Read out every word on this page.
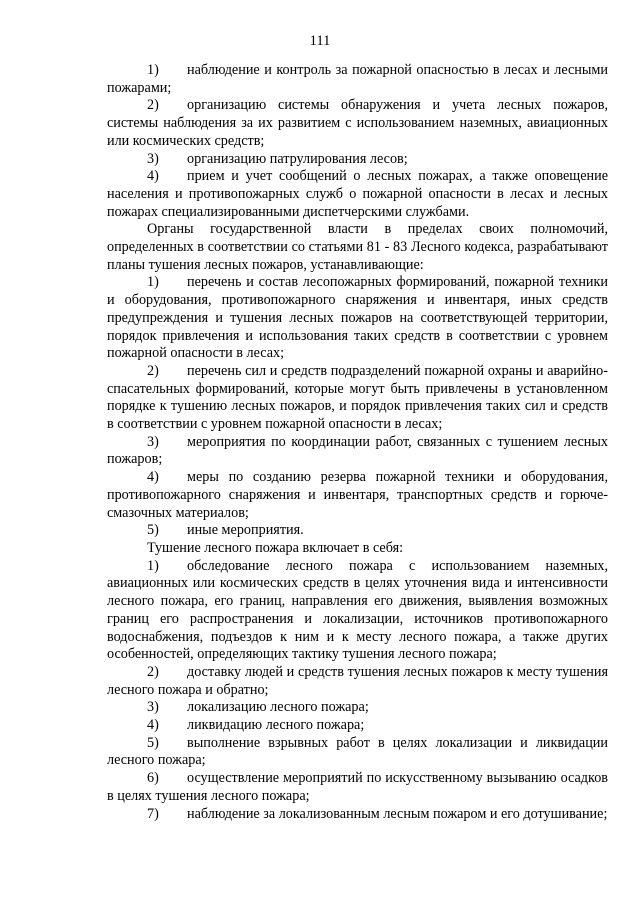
111

1) наблюдение и контроль за пожарной опасностью в лесах и лесными пожарами;

2) организацию системы обнаружения и учета лесных пожаров, системы наблюдения за их развитием с использованием наземных, авиационных или космических средств;

3) организацию патрулирования лесов;

4) прием и учет сообщений о лесных пожарах, а также оповещение населения и противопожарных служб о пожарной опасности в лесах и лесных пожарах специализированными диспетчерскими службами.

Органы государственной власти в пределах своих полномочий, определенных в соответствии со статьями 81 - 83 Лесного кодекса, разрабатывают планы тушения лесных пожаров, устанавливающие:

1) перечень и состав лесопожарных формирований, пожарной техники и оборудования, противопожарного снаряжения и инвентаря, иных средств предупреждения и тушения лесных пожаров на соответствующей территории, порядок привлечения и использования таких средств в соответствии с уровнем пожарной опасности в лесах;

2) перечень сил и средств подразделений пожарной охраны и аварийно-спасательных формирований, которые могут быть привлечены в установленном порядке к тушению лесных пожаров, и порядок привлечения таких сил и средств в соответствии с уровнем пожарной опасности в лесах;

3) мероприятия по координации работ, связанных с тушением лесных пожаров;

4) меры по созданию резерва пожарной техники и оборудования, противопожарного снаряжения и инвентаря, транспортных средств и горюче-смазочных материалов;

5) иные мероприятия.

Тушение лесного пожара включает в себя:

1) обследование лесного пожара с использованием наземных, авиационных или космических средств в целях уточнения вида и интенсивности лесного пожара, его границ, направления его движения, выявления возможных границ его распространения и локализации, источников противопожарного водоснабжения, подъездов к ним и к месту лесного пожара, а также других особенностей, определяющих тактику тушения лесного пожара;

2) доставку людей и средств тушения лесных пожаров к месту тушения лесного пожара и обратно;

3) локализацию лесного пожара;

4) ликвидацию лесного пожара;

5) выполнение взрывных работ в целях локализации и ликвидации лесного пожара;

6) осуществление мероприятий по искусственному вызыванию осадков в целях тушения лесного пожара;

7) наблюдение за локализованным лесным пожаром и его дотушивание;
